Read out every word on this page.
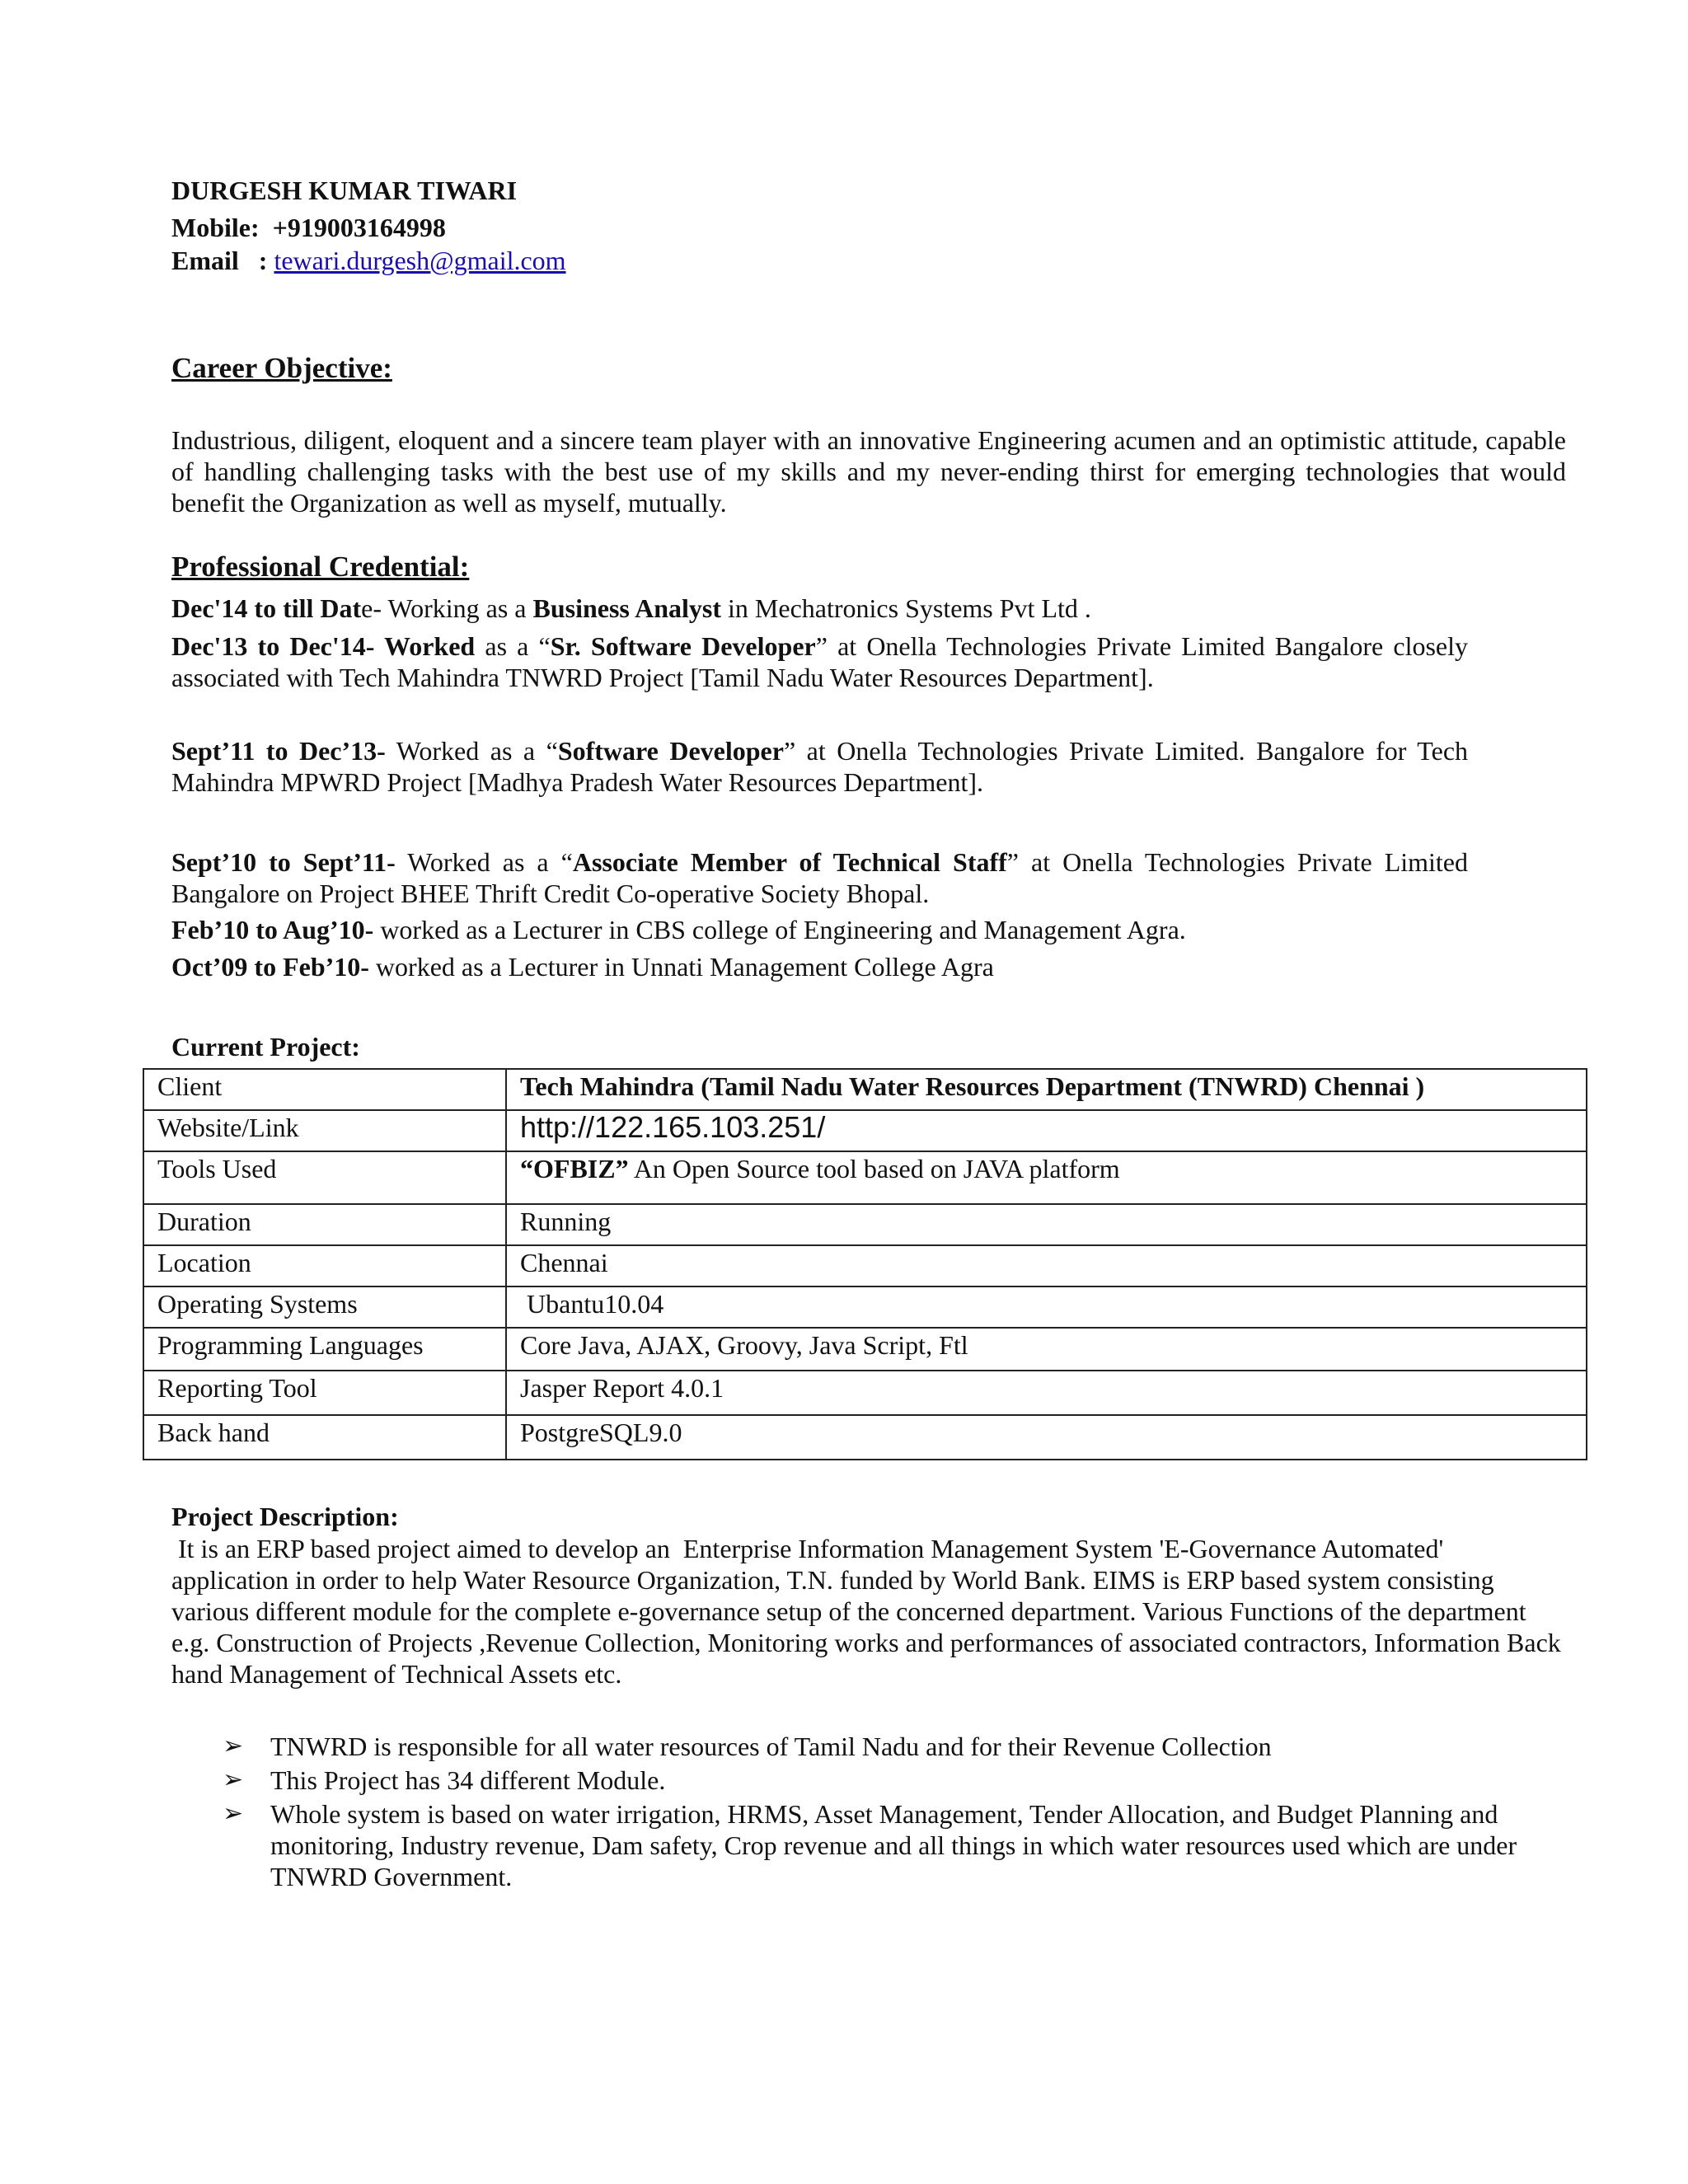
DURGESH KUMAR TIWARI
Mobile: +919003164998
Email : tewari.durgesh@gmail.com
Career Objective:
Industrious, diligent, eloquent and a sincere team player with an innovative Engineering acumen and an optimistic attitude, capable of handling challenging tasks with the best use of my skills and my never-ending thirst for emerging technologies that would benefit the Organization as well as myself, mutually.
Professional Credential:
Dec'14 to till Date- Working as a Business Analyst in Mechatronics Systems Pvt Ltd .
Dec'13 to Dec'14- Worked as a “Sr. Software Developer” at Onella Technologies Private Limited Bangalore closely
associated with Tech Mahindra TNWRD Project [Tamil Nadu Water Resources Department].
Sept’11 to Dec’13- Worked as a “Software Developer” at Onella Technologies Private Limited. Bangalore for Tech
Mahindra MPWRD Project [Madhya Pradesh Water Resources Department].
Sept’10 to Sept’11- Worked as a “Associate Member of Technical Staff” at Onella Technologies Private Limited
Bangalore on Project BHEE Thrift Credit Co-operative Society Bhopal.
Feb’10 to Aug’10- worked as a Lecturer in CBS college of Engineering and Management Agra.
Oct’09 to Feb’10- worked as a Lecturer in Unnati Management College Agra
Current Project:
Client	Tech Mahindra (Tamil Nadu Water Resources Department (TNWRD) Chennai )
Website/Link	http://122.165.103.251/
Tools Used	“OFBIZ” An Open Source tool based on JAVA platform
Duration	Running
Location	Chennai
Operating Systems	Ubantu10.04
Programming Languages	Core Java, AJAX, Groovy, Java Script, Ftl
Reporting Tool	Jasper Report 4.0.1
Back hand	PostgreSQL9.0
Project Description:
It is an ERP based project aimed to develop an  Enterprise Information Management System 'E-Governance Automated' application in order to help Water Resource Organization, T.N. funded by World Bank. EIMS is ERP based system consisting various different module for the complete e-governance setup of the concerned department. Various Functions of the department e.g. Construction of Projects ,Revenue Collection, Monitoring works and performances of associated contractors, Information Back hand Management of Technical Assets etc.
➢ TNWRD is responsible for all water resources of Tamil Nadu and for their Revenue Collection
➢ This Project has 34 different Module.
➢ Whole system is based on water irrigation, HRMS, Asset Management, Tender Allocation, and Budget Planning and monitoring, Industry revenue, Dam safety, Crop revenue and all things in which water resources used which are under TNWRD Government.
